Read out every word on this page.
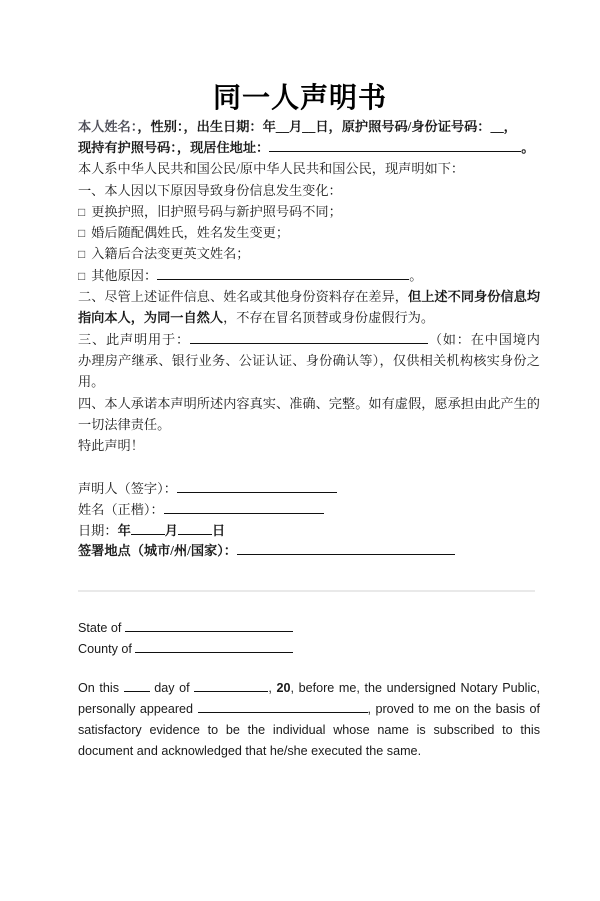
同一人声明书

本人姓名：，性别：，出生日期：年__月__日，原护照号码/身份证号码：__，
现持有护照号码：，现居住地址：	。

本人系中华人民共和国公民/原中华人民共和国公民，现声明如下：

一、本人因以下原因导致身份信息发生变化：

□ 更换护照，旧护照号码与新护照号码不同；

□ 婚后随配偶姓氏，姓名发生变更；

□ 入籍后合法变更英文姓名；

□ 其他原因：	。

二、尽管上述证件信息、姓名或其他身份资料存在差异，但上述不同身份信息均指向本人，为同一自然人，不存在冒名顶替或身份虚假行为。

三、此声明用于：	（如：在中国境内办理房产继承、银行业务、公证认证、身份确认等），仅供相关机构核实身份之用。

四、本人承诺本声明所述内容真实、准确、完整。如有虚假，愿承担由此产生的一切法律责任。

特此声明！

声明人（签字）：
姓名（正楷）：
日期：年	月	日
签署地点（城市/州/国家）：
State of
County of

On this	day of	, 20, before me, the undersigned Notary Public, personally appeared	, proved to me on the basis of satisfactory evidence to be the individual whose name is subscribed to this document and acknowledged that he/she executed the same.
